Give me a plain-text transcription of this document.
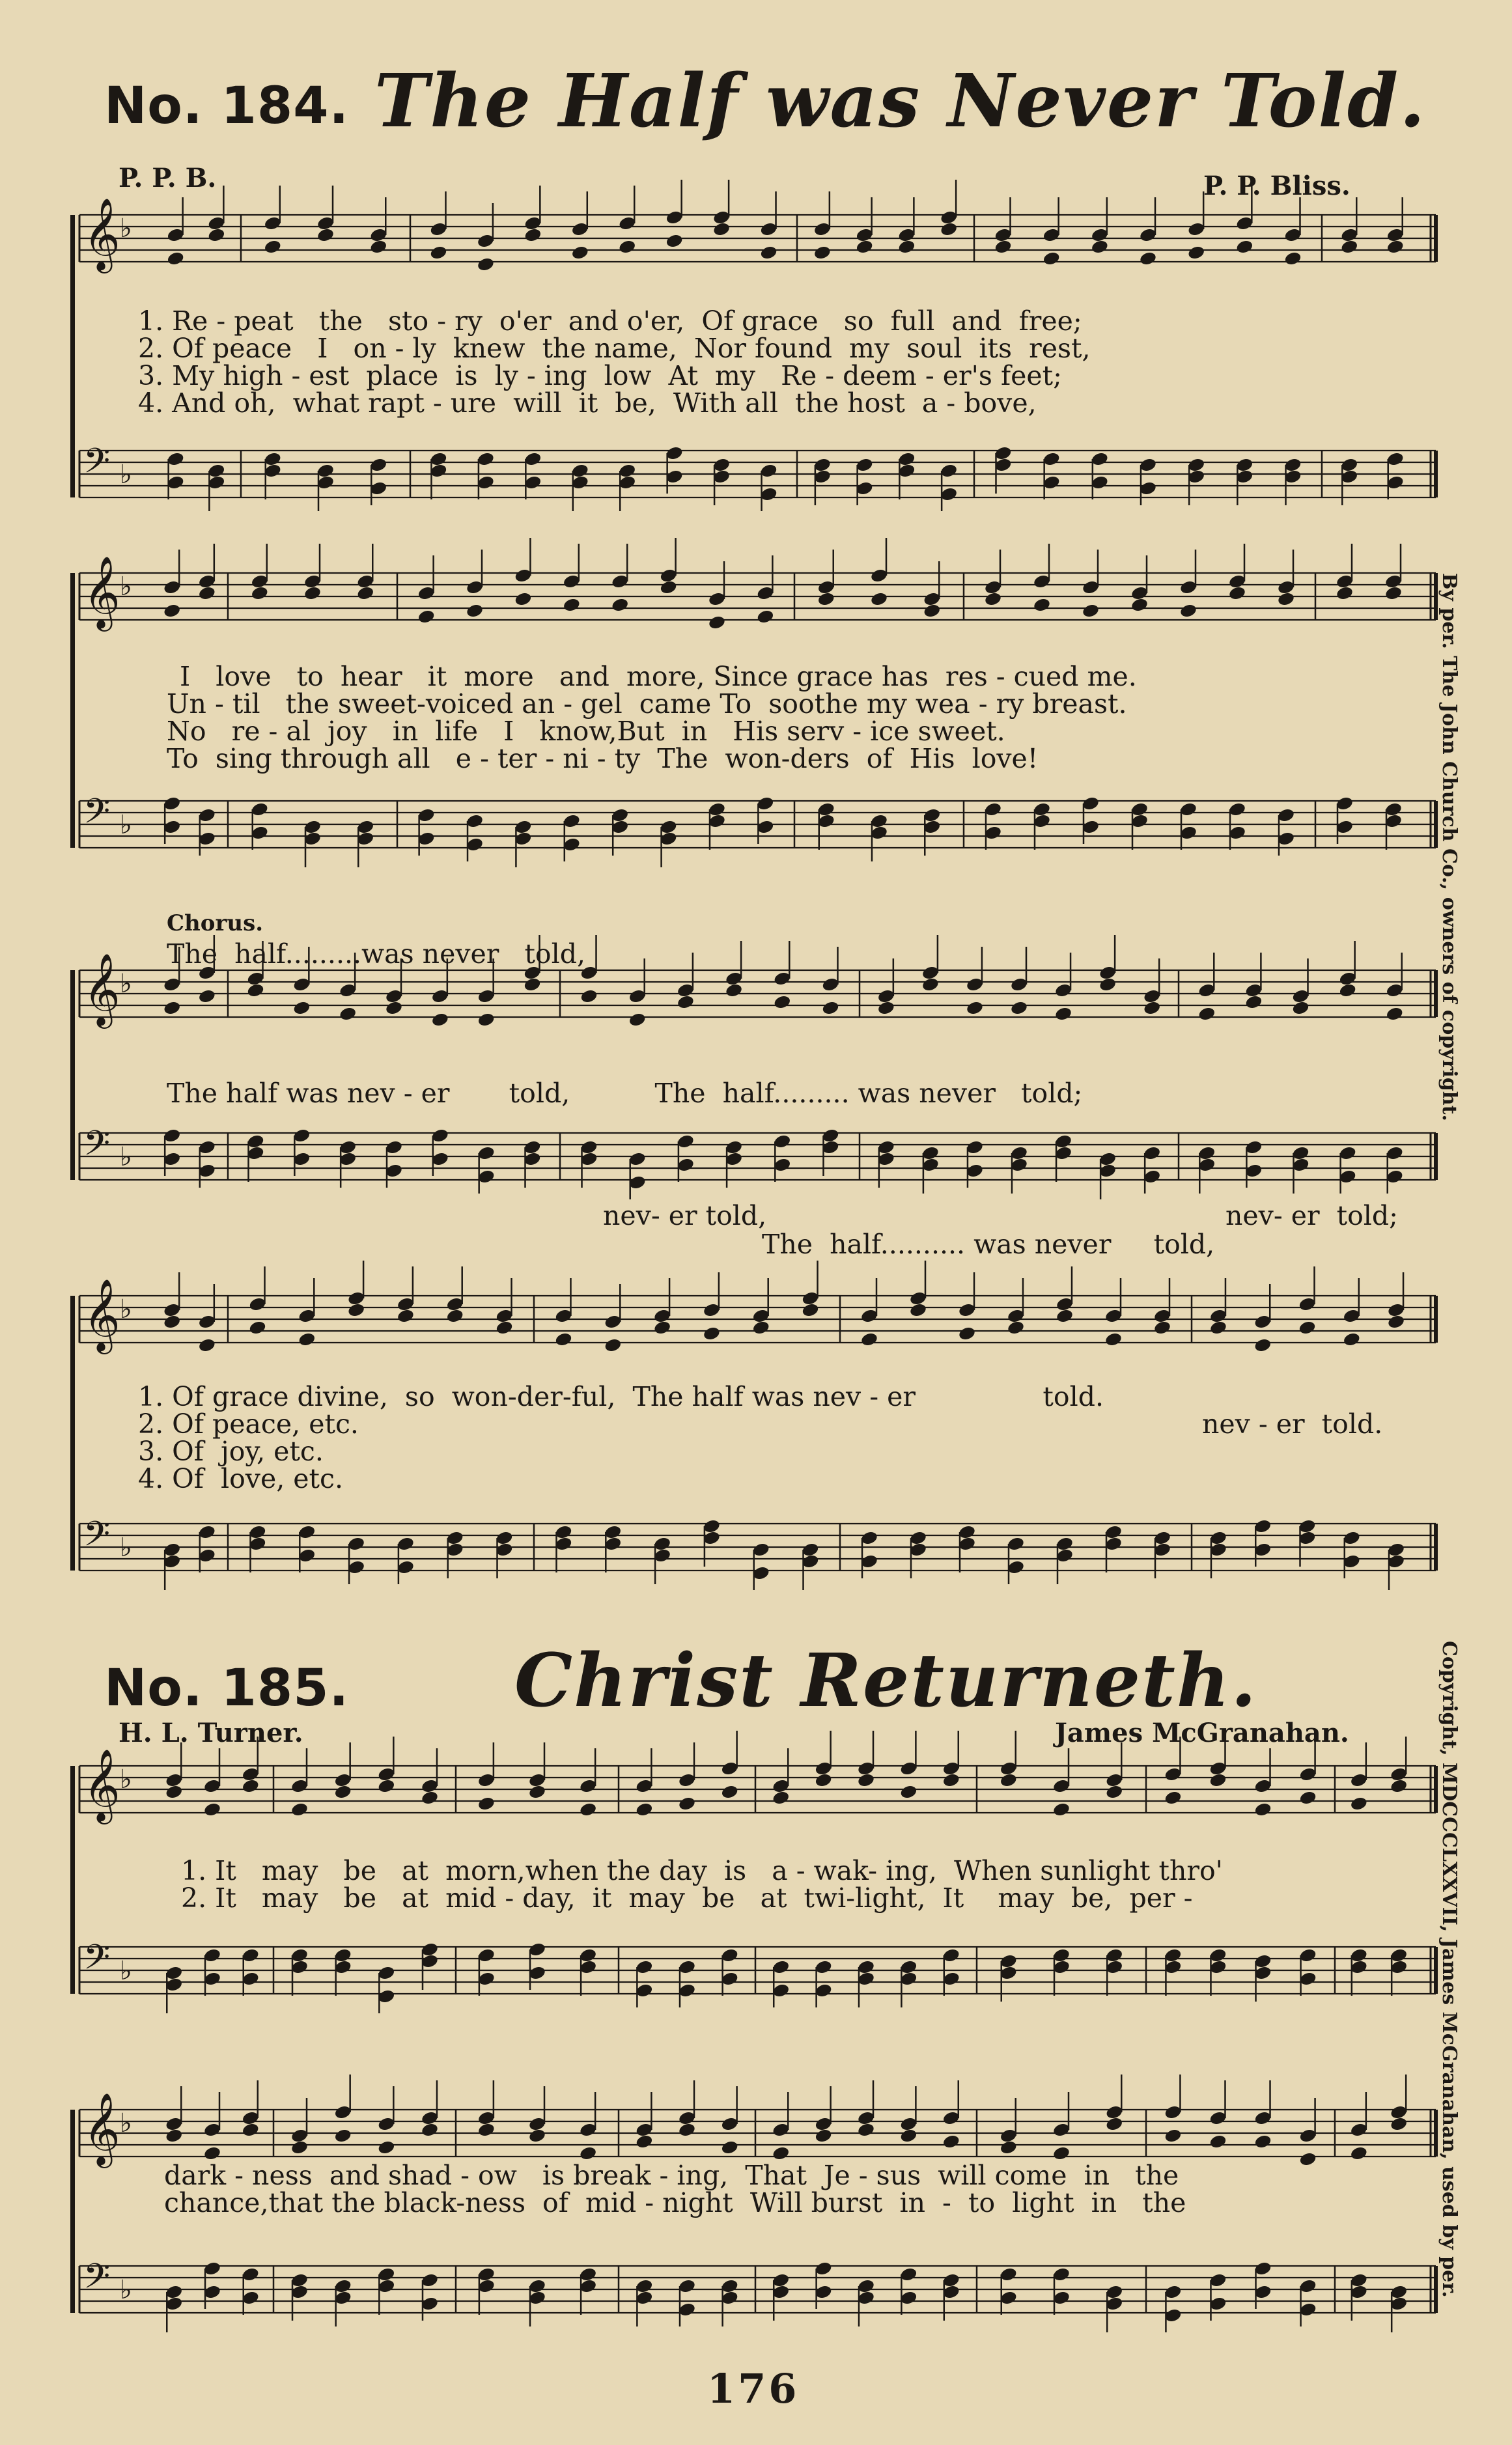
𝄞 ♭
𝄢 ♭
𝄞 ♭
𝄢 ♭
𝄞 ♭
𝄢 ♭
𝄞 ♭
𝄢 ♭
𝄞 ♭
𝄢 ♭
𝄞 ♭
𝄢 ♭
No. 184. The Half was Never Told.
P. P. B.	P. P. Bliss.
1. Re - peat   the   sto - ry  o'er  and o'er,  Of grace   so  full  and  free;
2. Of peace   I   on - ly  knew  the name,  Nor found  my  soul  its  rest,
3. My high - est  place  is  ly - ing  low  At  my   Re - deem - er's feet;
4. And oh,  what rapt - ure  will  it  be,  With all  the host  a - bove,
I   love   to  hear   it  more   and  more, Since grace has  res - cued me.
Un - til   the sweet-voiced an - gel  came To  soothe my wea - ry breast.
No   re - al  joy   in  life   I   know,But  in   His serv - ice sweet.
To  sing through all   e - ter - ni - ty  The  won-ders  of  His  love!
Chorus.
The  half.........was never   told,
The half was nev - er       told,          The  half......... was never   told;
nev- er told,	nev- er  told;
The  half.......... was never     told,
1. Of grace divine,  so  won-der-ful,  The half was nev - er               told.
nev - er  told.
2. Of peace, etc.
3. Of  joy, etc.
4. Of  love, etc.
No. 185. Christ Returneth.
H. L. Turner.	James McGranahan.
1. It   may   be   at  morn,when the day  is   a - wak- ing,  When sunlight thro'
2. It   may   be   at  mid - day,  it  may  be   at  twi-light,  It    may  be,  per -
dark - ness  and shad - ow   is break - ing,  That  Je - sus  will come  in   the
chance,that the black-ness  of  mid - night  Will burst  in  -  to  light  in   the
By per. The John Church Co., owners of copyright.
Copyright, MDCCCLXXVII, James McGranahan, used by per.
176
